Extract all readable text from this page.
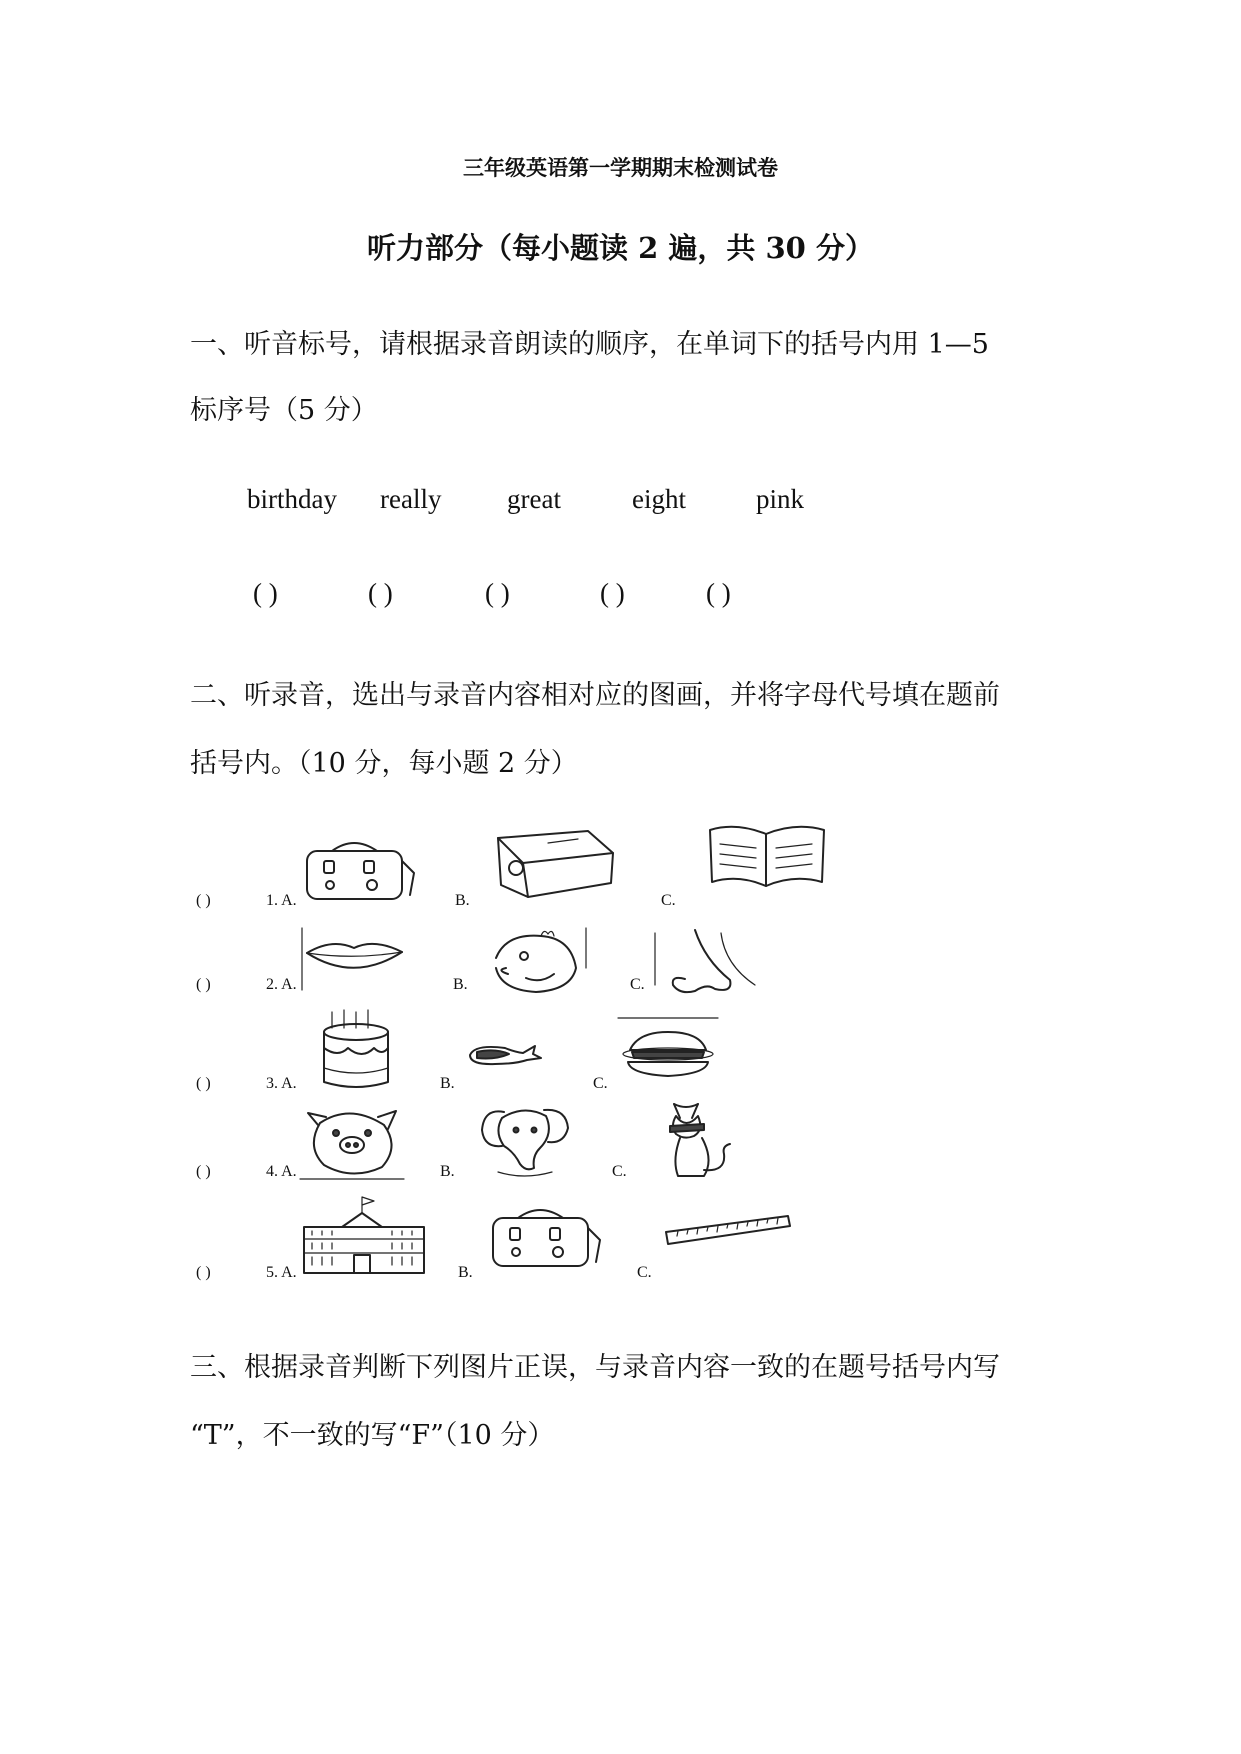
三年级英语第一学期期末检测试卷
听力部分（每小题读 2 遍，共 30 分）
一、听音标号，请根据录音朗读的顺序，在单词下的括号内用 1—5
标序号（5 分）
birthday really great	eight	pink
( )	( )	( )	( )	( )
二、听录音，选出与录音内容相对应的图画，并将字母代号填在题前
括号内。（10 分，每小题 2 分）
( )	1. A.	B.	C.
( )	2. A.	B.	C.
( )	3. A.	B.	C.
( )	4. A.	B.	C.
( )	5. A.	B.	C.
三、根据录音判断下列图片正误，与录音内容一致的在题号括号内写
“T”，不一致的写“F”（10 分）
